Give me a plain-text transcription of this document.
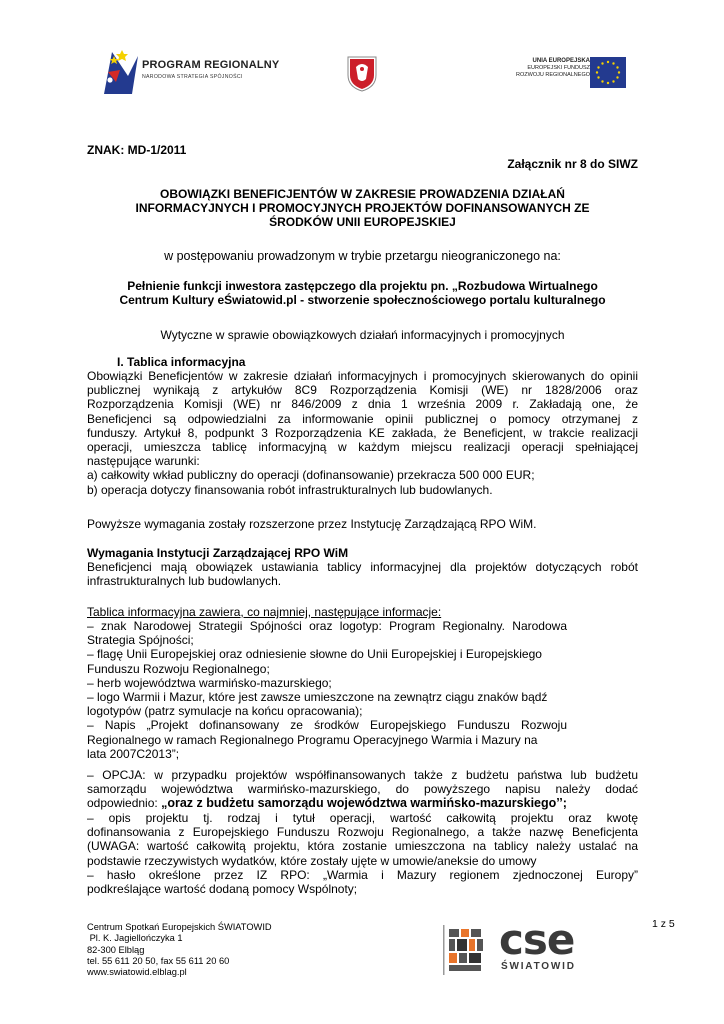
PROGRAM REGIONALNY
NARODOWA STRATEGIA SPÓJNOŚCI
UNIA EUROPEJSKA
EUROPEJSKI FUNDUSZ
ROZWOJU REGIONALNEGO
ZNAK: MD-1/2011
Załącznik nr 8 do SIWZ
OBOWIĄZKI BENEFICJENTÓW W ZAKRESIE PROWADZENIA DZIAŁAŃ
INFORMACYJNYCH I PROMOCYJNYCH PROJEKTÓW DOFINANSOWANYCH ZE
ŚRODKÓW UNII EUROPEJSKIEJ
w postępowaniu prowadzonym w trybie przetargu nieograniczonego na:
Pełnienie funkcji inwestora zastępczego dla projektu pn. „Rozbudowa Wirtualnego
Centrum Kultury eŚwiatowid.pl - stworzenie społecznościowego portalu kulturalnego
Wytyczne w sprawie obowiązkowych działań informacyjnych i promocyjnych
I. Tablica informacyjna
Obowiązki Beneficjentów w zakresie działań informacyjnych i promocyjnych skierowanych do opinii
publicznej wynikają z artykułów 8C9 Rozporządzenia Komisji (WE) nr 1828/2006 oraz
Rozporządzenia Komisji (WE) nr 846/2009 z dnia 1 września 2009 r. Zakładają one, że
Beneficjenci są odpowiedzialni za informowanie opinii publicznej o pomocy otrzymanej z
funduszy. Artykuł 8, podpunkt 3 Rozporządzenia KE zakłada, że Beneficjent, w trakcie realizacji
operacji, umieszcza tablicę informacyjną w każdym miejscu realizacji operacji spełniającej
następujące warunki:
a) całkowity wkład publiczny do operacji (dofinansowanie) przekracza 500 000 EUR;
b) operacja dotyczy finansowania robót infrastrukturalnych lub budowlanych.
Powyższe wymagania zostały rozszerzone przez Instytucję Zarządzającą RPO WiM.
Wymagania Instytucji Zarządzającej RPO WiM
Beneficjenci mają obowiązek ustawiania tablicy informacyjnej dla projektów dotyczących robót
infrastrukturalnych lub budowlanych.
Tablica informacyjna zawiera, co najmniej, następujące informacje:
– znak Narodowej Strategii Spójności oraz logotyp: Program Regionalny. Narodowa
Strategia Spójności;
– flagę Unii Europejskiej oraz odniesienie słowne do Unii Europejskiej i Europejskiego
Funduszu Rozwoju Regionalnego;
– herb województwa warmińsko-mazurskiego;
– logo Warmii i Mazur, które jest zawsze umieszczone na zewnątrz ciągu znaków bądź
logotypów (patrz symulacje na końcu opracowania);
– Napis „Projekt dofinansowany ze środków Europejskiego Funduszu Rozwoju
Regionalnego w ramach Regionalnego Programu Operacyjnego Warmia i Mazury na
lata 2007C2013”;
– OPCJA: w przypadku projektów współfinansowanych także z budżetu państwa lub budżetu
samorządu województwa warmińsko-mazurskiego, do powyższego napisu należy dodać
odpowiednio: „oraz z budżetu samorządu województwa warmińsko-mazurskiego’’;
– opis projektu tj. rodzaj i tytuł operacji, wartość całkowitą projektu oraz kwotę
dofinansowania z Europejskiego Funduszu Rozwoju Regionalnego, a także nazwę Beneficjenta
(UWAGA: wartość całkowitą projektu, która zostanie umieszczona na tablicy należy ustalać na
podstawie rzeczywistych wydatków, które zostały ujęte w umowie/aneksie do umowy
– hasło określone przez IZ RPO: „Warmia i Mazury regionem zjednoczonej Europy”
podkreślające wartość dodaną pomocy Wspólnoty;
Centrum Spotkań Europejskich ŚWIATOWID
Pl. K. Jagiellończyka 1
82-300 Elbląg
tel. 55 611 20 50, fax 55 611 20 60
www.swiatowid.elblag.pl
1 z 5
cse
ŚWIATOWID
